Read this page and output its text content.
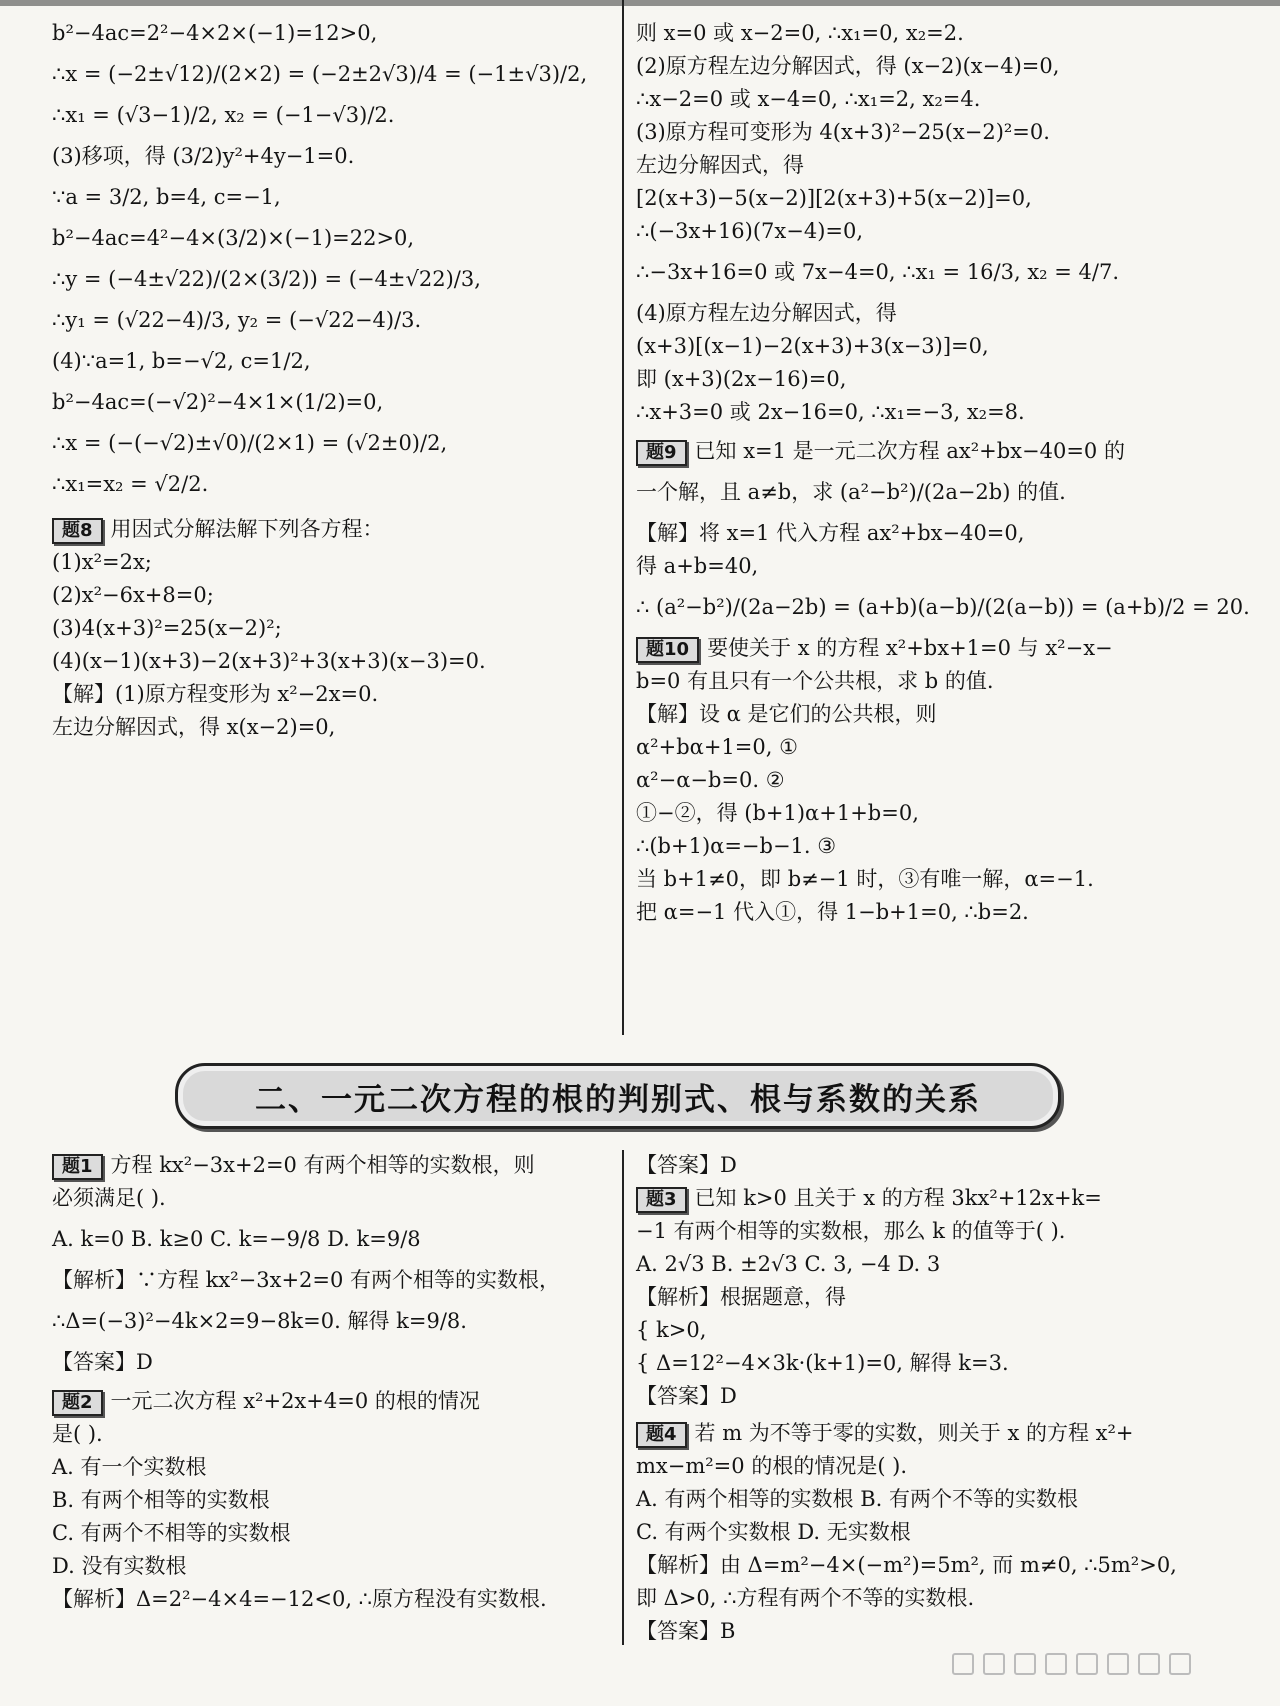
b²−4ac=2²−4×2×(−1)=12>0,
∴x = (−2±√12)/(2×2) = (−2±2√3)/4 = (−1±√3)/2,
∴x₁ = (√3−1)/2, x₂ = (−1−√3)/2.
(3)移项，得 (3/2)y²+4y−1=0.
∵a = 3/2, b=4, c=−1,
b²−4ac=4²−4×(3/2)×(−1)=22>0,
∴y = (−4±√22)/(2×(3/2)) = (−4±√22)/3,
∴y₁ = (√22−4)/3, y₂ = (−√22−4)/3.
(4)∵a=1, b=−√2, c=1/2,
b²−4ac=(−√2)²−4×1×(1/2)=0,
∴x = (−(−√2)±√0)/(2×1) = (√2±0)/2,
∴x₁=x₂ = √2/2.
题8 用因式分解法解下列各方程：
(1)x²=2x;
(2)x²−6x+8=0;
(3)4(x+3)²=25(x−2)²;
(4)(x−1)(x+3)−2(x+3)²+3(x+3)(x−3)=0.
【解】(1)原方程变形为 x²−2x=0.
左边分解因式，得 x(x−2)=0,
则 x=0 或 x−2=0, ∴x₁=0, x₂=2.
(2)原方程左边分解因式，得 (x−2)(x−4)=0,
∴x−2=0 或 x−4=0, ∴x₁=2, x₂=4.
(3)原方程可变形为 4(x+3)²−25(x−2)²=0.
左边分解因式，得
[2(x+3)−5(x−2)][2(x+3)+5(x−2)]=0,
∴(−3x+16)(7x−4)=0,
∴−3x+16=0 或 7x−4=0, ∴x₁ = 16/3, x₂ = 4/7.
(4)原方程左边分解因式，得
(x+3)[(x−1)−2(x+3)+3(x−3)]=0,
即 (x+3)(2x−16)=0,
∴x+3=0 或 2x−16=0, ∴x₁=−3, x₂=8.
题9 已知 x=1 是一元二次方程 ax²+bx−40=0 的
一个解，且 a≠b，求 (a²−b²)/(2a−2b) 的值.
【解】将 x=1 代入方程 ax²+bx−40=0,
得 a+b=40,
∴ (a²−b²)/(2a−2b) = (a+b)(a−b)/(2(a−b)) = (a+b)/2 = 20.
题10 要使关于 x 的方程 x²+bx+1=0 与 x²−x−
b=0 有且只有一个公共根，求 b 的值.
【解】设 α 是它们的公共根，则
α²+bα+1=0, ①
α²−α−b=0. ②
①−②，得 (b+1)α+1+b=0,
∴(b+1)α=−b−1. ③
当 b+1≠0，即 b≠−1 时，③有唯一解，α=−1.
把 α=−1 代入①，得 1−b+1=0, ∴b=2.
二、一元二次方程的根的判别式、根与系数的关系
题1 方程 kx²−3x+2=0 有两个相等的实数根，则
必须满足( ).
A. k=0 B. k≥0 C. k=−9/8 D. k=9/8
【解析】∵方程 kx²−3x+2=0 有两个相等的实数根，
∴Δ=(−3)²−4k×2=9−8k=0. 解得 k=9/8.
【答案】D
题2 一元二次方程 x²+2x+4=0 的根的情况
是( ).
A. 有一个实数根
B. 有两个相等的实数根
C. 有两个不相等的实数根
D. 没有实数根
【解析】Δ=2²−4×4=−12<0, ∴原方程没有实数根.
【答案】D
题3 已知 k>0 且关于 x 的方程 3kx²+12x+k=
−1 有两个相等的实数根，那么 k 的值等于( ).
A. 2√3 B. ±2√3 C. 3, −4 D. 3
【解析】根据题意，得
{ k>0,
{ Δ=12²−4×3k·(k+1)=0, 解得 k=3.
【答案】D
题4 若 m 为不等于零的实数，则关于 x 的方程 x²+
mx−m²=0 的根的情况是( ).
A. 有两个相等的实数根 B. 有两个不等的实数根
C. 有两个实数根 D. 无实数根
【解析】由 Δ=m²−4×(−m²)=5m², 而 m≠0, ∴5m²>0,
即 Δ>0, ∴方程有两个不等的实数根.
【答案】B
